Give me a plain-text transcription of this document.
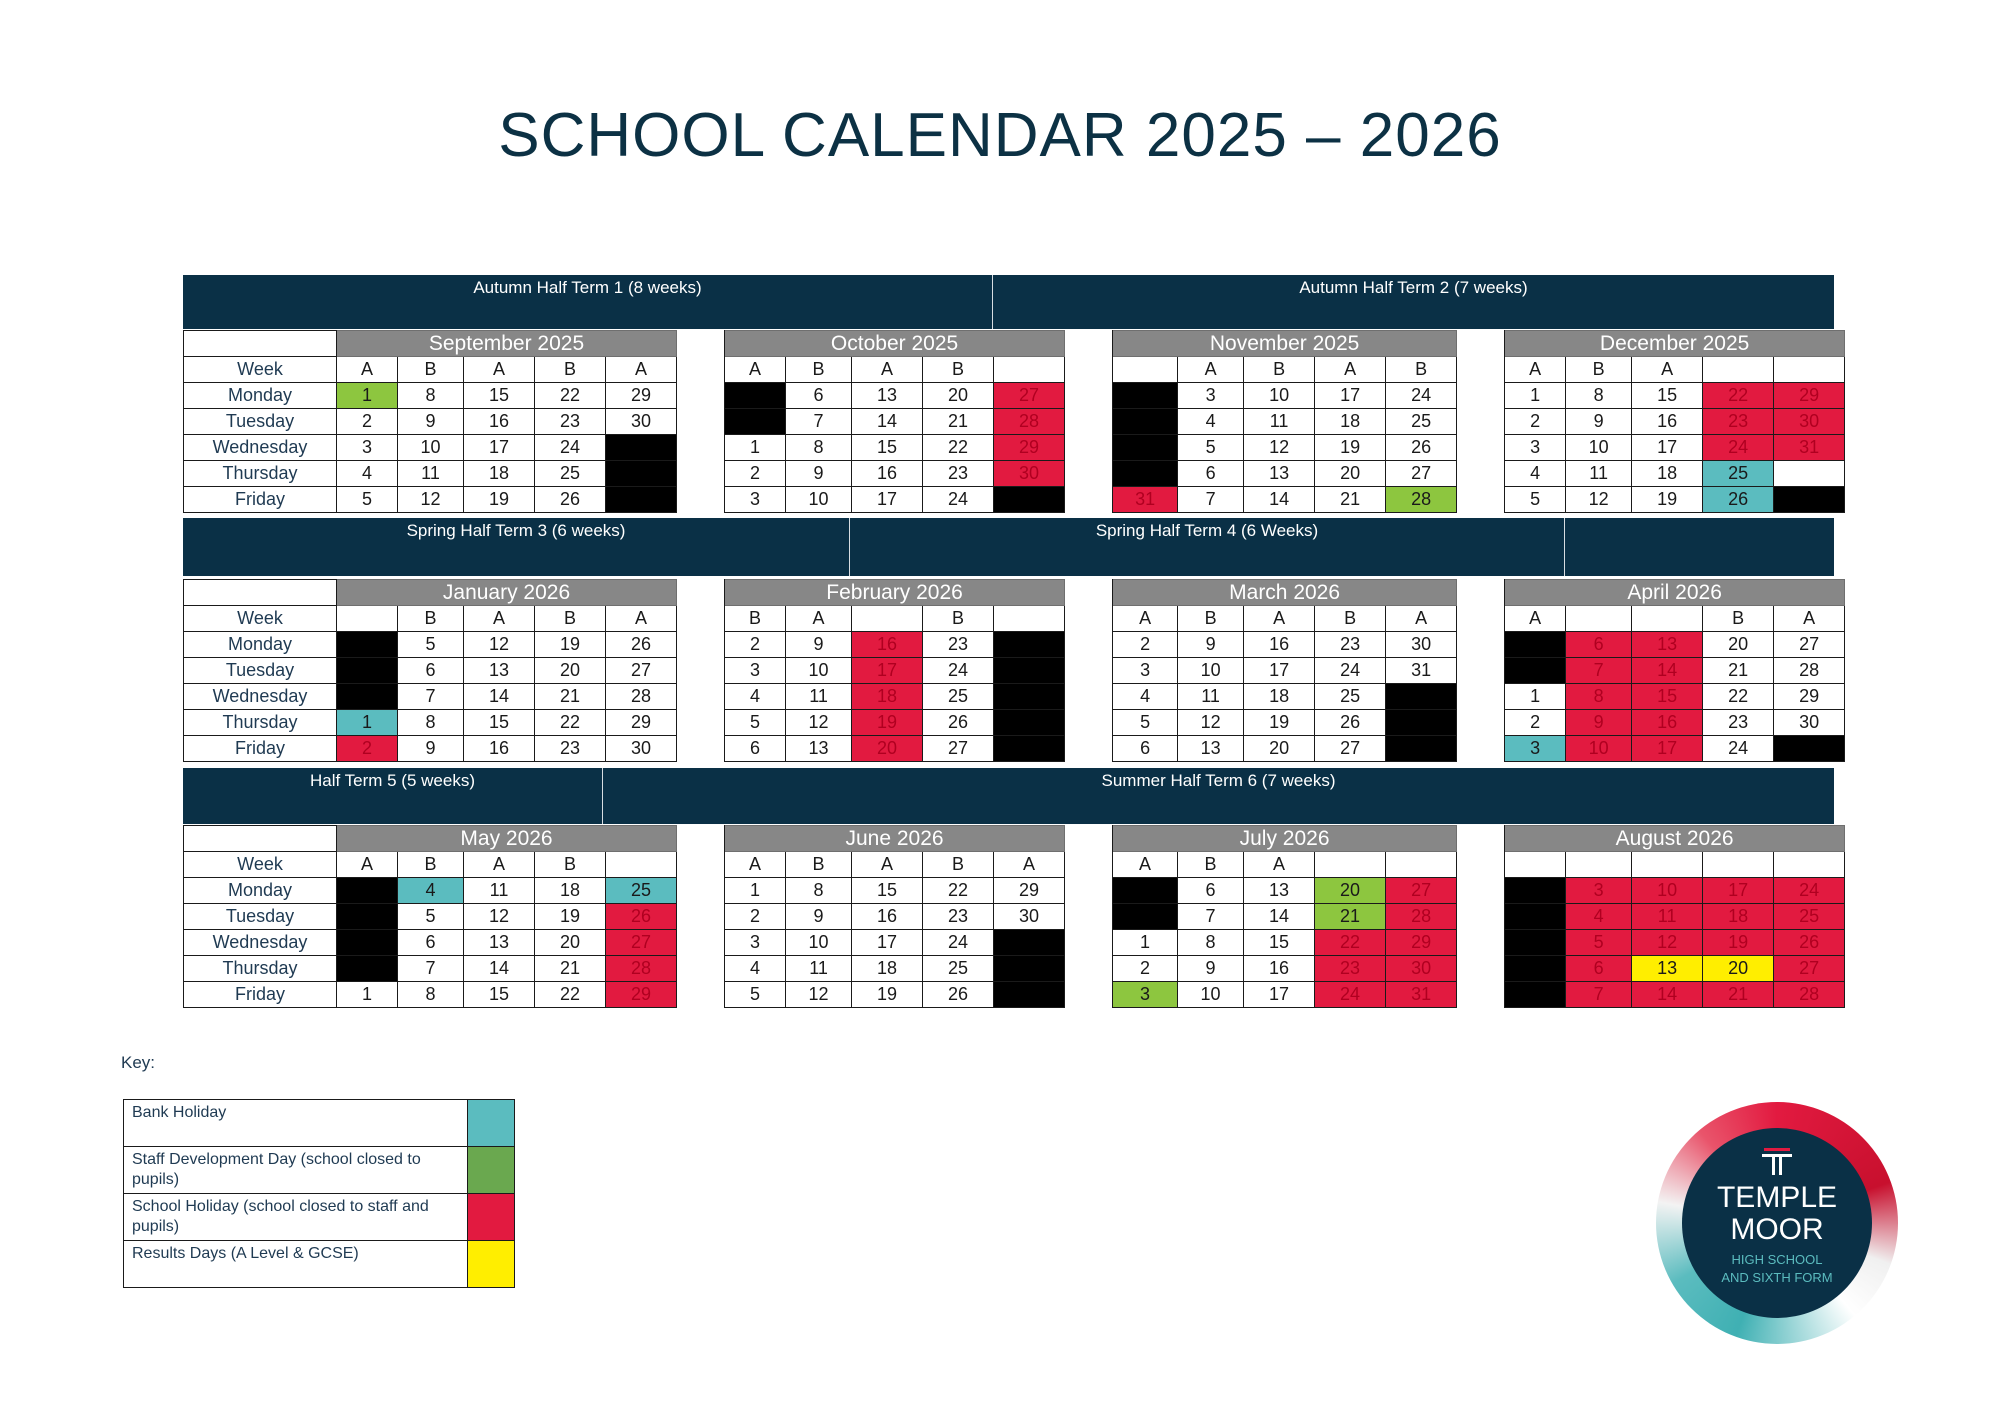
SCHOOL CALENDAR 2025 – 2026
Autumn Half Term 1 (8 weeks)	Autumn Half Term 2 (7 weeks)
Spring Half Term 3 (6 weeks)	Spring Half Term 4 (6 Weeks)
Half Term 5 (5 weeks)	Summer Half Term 6 (7 weeks)
	September 2025						October 2025						November 2025						December 2025				
Week	A	B	A	B	A		A	B	A	B				A	B	A	B		A	B	A		
Monday	1	8	15	22	29			6	13	20	27			3	10	17	24		1	8	15	22	29
Tuesday	2	9	16	23	30			7	14	21	28			4	11	18	25		2	9	16	23	30
Wednesday	3	10	17	24			1	8	15	22	29			5	12	19	26		3	10	17	24	31
Thursday	4	11	18	25			2	9	16	23	30			6	13	20	27		4	11	18	25	
Friday	5	12	19	26			3	10	17	24			31	7	14	21	28		5	12	19	26	
	January 2026						February 2026						March 2026						April 2026				
Week		B	A	B	A		B	A		B			A	B	A	B	A		A			B	A
Monday		5	12	19	26		2	9	16	23			2	9	16	23	30			6	13	20	27
Tuesday		6	13	20	27		3	10	17	24			3	10	17	24	31			7	14	21	28
Wednesday		7	14	21	28		4	11	18	25			4	11	18	25			1	8	15	22	29
Thursday	1	8	15	22	29		5	12	19	26			5	12	19	26			2	9	16	23	30
Friday	2	9	16	23	30		6	13	20	27			6	13	20	27			3	10	17	24	
	May 2026						June 2026						July 2026						August 2026				
Week	A	B	A	B			A	B	A	B	A		A	B	A								
Monday		4	11	18	25		1	8	15	22	29			6	13	20	27			3	10	17	24
Tuesday		5	12	19	26		2	9	16	23	30			7	14	21	28			4	11	18	25
Wednesday		6	13	20	27		3	10	17	24			1	8	15	22	29			5	12	19	26
Thursday		7	14	21	28		4	11	18	25			2	9	16	23	30			6	13	20	27
Friday	1	8	15	22	29		5	12	19	26			3	10	17	24	31			7	14	21	28
Key:
Bank Holiday	
Staff Development Day (school closed to pupils)	
School Holiday (school closed to staff and pupils)	
Results Days (A Level & GCSE)	
TEMPLE
MOOR
HIGH SCHOOL
AND SIXTH FORM
